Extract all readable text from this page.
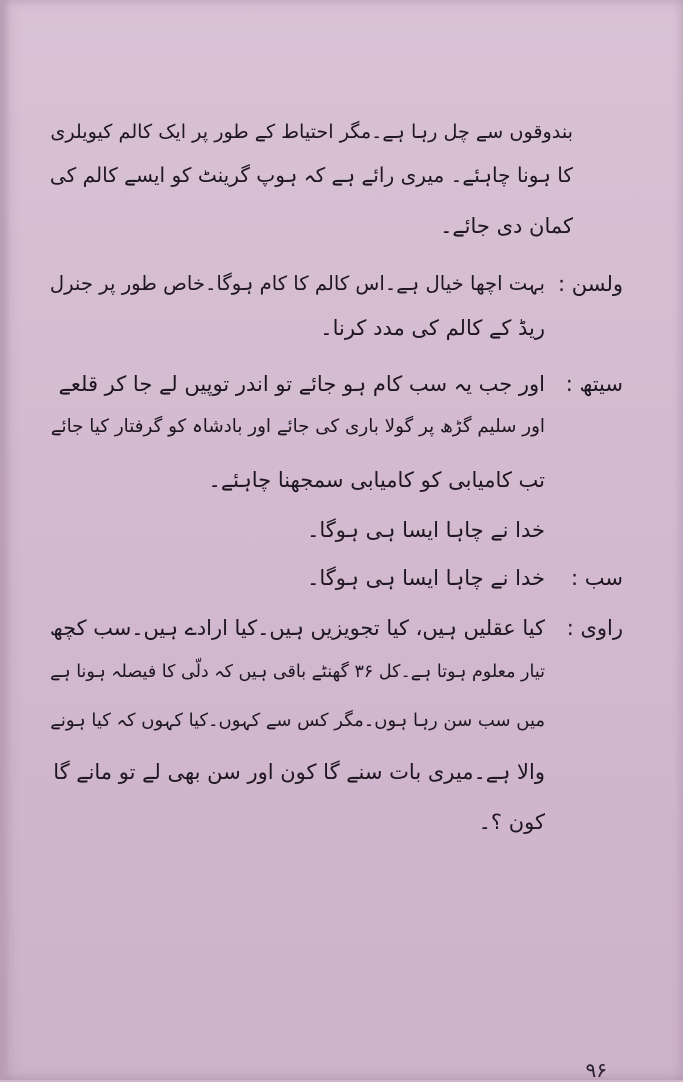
بندوقوں سے چل رہا ہے۔مگر احتیاط کے طور پر ایک کالم کیویلری
کا ہونا چاہئے۔ میری رائے ہے کہ ہوپ گرینٹ کو ایسے کالم کی
کمان دی جائے۔
ولسن :
بہت اچھا خیال ہے۔اس کالم کا کام ہوگا۔خاص طور پر جنرل
ریڈ کے کالم کی مدد کرنا۔
سیتھ :
اور جب یہ سب کام ہو جائے تو اندر توپیں لے جا کر قلعے
اور سلیم گڑھ پر گولا باری کی جائے اور بادشاہ کو گرفتار کیا جائے
تب کامیابی کو کامیابی سمجھنا چاہئے۔
خدا نے چاہا ایسا ہی ہوگا۔
سب :
خدا نے چاہا ایسا ہی ہوگا۔
راوی :
کیا عقلیں ہیں، کیا تجویزیں ہیں۔کیا ارادے ہیں۔سب کچھ
تیار معلوم ہوتا ہے۔کل ۳۶ گھنٹے باقی ہیں کہ دلّی کا فیصلہ ہونا ہے
میں سب سن رہا ہوں۔مگر کس سے کہوں۔کیا کہوں کہ کیا ہونے
والا ہے۔میری بات سنے گا کون اور سن بھی لے تو مانے گا
کون ؟۔
۹۶
